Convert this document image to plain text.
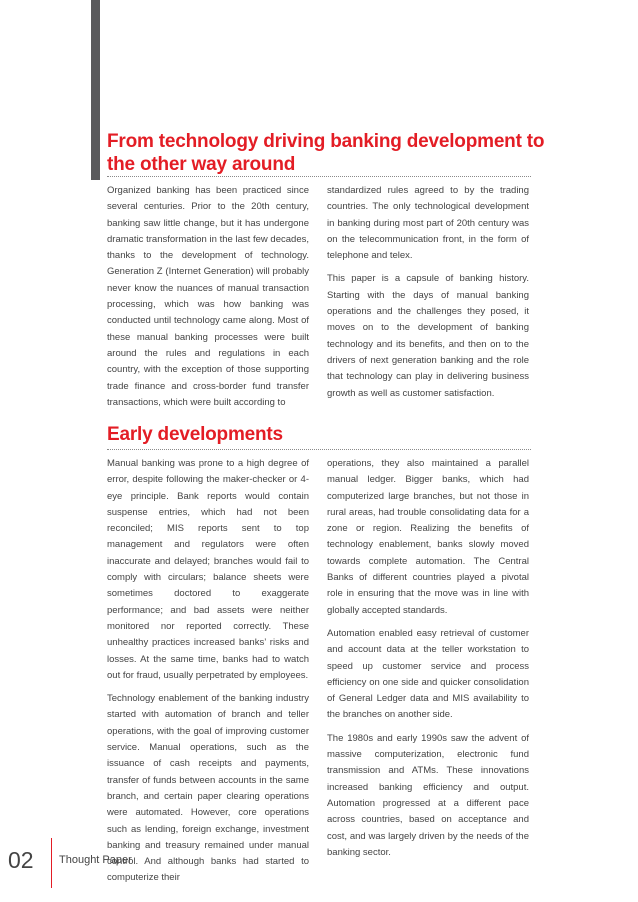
From technology driving banking development to the other way around

Organized banking has been practiced since several centuries. Prior to the 20th century, banking saw little change, but it has undergone dramatic transformation in the last few decades, thanks to the development of technology. Generation Z (Internet Generation) will probably never know the nuances of manual transaction processing, which was how banking was conducted until technology came along. Most of these manual banking processes were built around the rules and regulations in each country, with the exception of those supporting trade finance and cross-border fund transfer transactions, which were built according to

standardized rules agreed to by the trading countries. The only technological development in banking during most part of 20th century was on the telecommunication front, in the form of telephone and telex.

This paper is a capsule of banking history. Starting with the days of manual banking operations and the challenges they posed, it moves on to the development of banking technology and its benefits, and then on to the drivers of next generation banking and the role that technology can play in delivering business growth as well as customer satisfaction.

Early developments

Manual banking was prone to a high degree of error, despite following the maker-checker or 4-eye principle. Bank reports would contain suspense entries, which had not been reconciled; MIS reports sent to top management and regulators were often inaccurate and delayed; branches would fail to comply with circulars; balance sheets were sometimes doctored to exaggerate performance; and bad assets were neither monitored nor reported correctly. These unhealthy practices increased banks’ risks and losses. At the same time, banks had to watch out for fraud, usually perpetrated by employees.

Technology enablement of the banking industry started with automation of branch and teller operations, with the goal of improving customer service. Manual operations, such as the issuance of cash receipts and payments, transfer of funds between accounts in the same branch, and certain paper clearing operations were automated. However, core operations such as lending, foreign exchange, investment banking and treasury remained under manual control. And although banks had started to computerize their

operations, they also maintained a parallel manual ledger. Bigger banks, which had computerized large branches, but not those in rural areas, had trouble consolidating data for a zone or region. Realizing the benefits of technology enablement, banks slowly moved towards complete automation. The Central Banks of different countries played a pivotal role in ensuring that the move was in line with globally accepted standards.

Automation enabled easy retrieval of customer and account data at the teller workstation to speed up customer service and process efficiency on one side and quicker consolidation of General Ledger data and MIS availability to the branches on another side.

The 1980s and early 1990s saw the advent of massive computerization, electronic fund transmission and ATMs. These innovations increased banking efficiency and output. Automation progressed at a different pace across countries, based on acceptance and cost, and was largely driven by the needs of the banking sector.

02 Thought Paper
